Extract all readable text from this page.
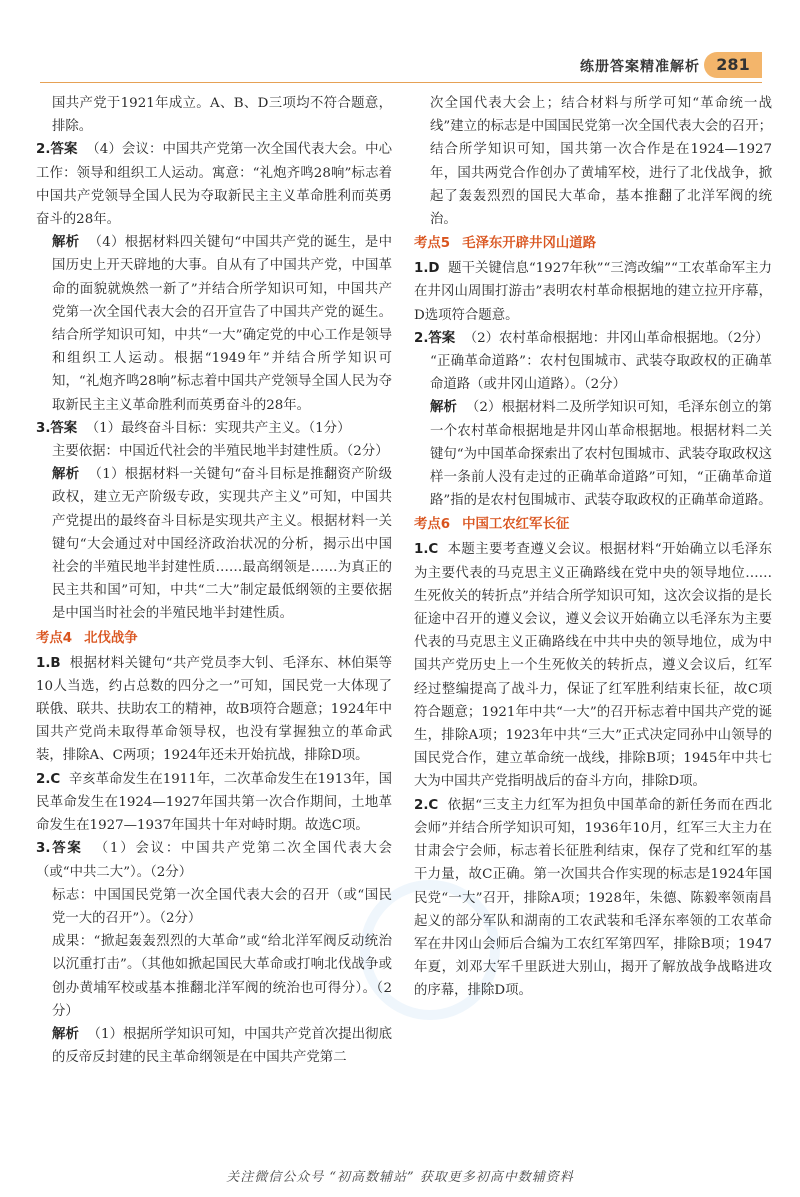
练册答案精准解析	281

国共产党于1921年成立。A、B、D三项均不符合题意，排除。

2.答案 （4）会议：中国共产党第一次全国代表大会。中心工作：领导和组织工人运动。寓意：“礼炮齐鸣28响”标志着中国共产党领导全国人民为夺取新民主主义革命胜利而英勇奋斗的28年。

解析 （4）根据材料四关键句“中国共产党的诞生，是中国历史上开天辟地的大事。自从有了中国共产党，中国革命的面貌就焕然一新了”并结合所学知识可知，中国共产党第一次全国代表大会的召开宣告了中国共产党的诞生。结合所学知识可知，中共“一大”确定党的中心工作是领导和组织工人运动。根据“1949年”并结合所学知识可知，“礼炮齐鸣28响”标志着中国共产党领导全国人民为夺取新民主主义革命胜利而英勇奋斗的28年。

3.答案 （1）最终奋斗目标：实现共产主义。（1分）

主要依据：中国近代社会的半殖民地半封建性质。（2分）

解析 （1）根据材料一关键句“奋斗目标是推翻资产阶级政权，建立无产阶级专政，实现共产主义”可知，中国共产党提出的最终奋斗目标是实现共产主义。根据材料一关键句“大会通过对中国经济政治状况的分析，揭示出中国社会的半殖民地半封建性质……最高纲领是……为真正的民主共和国”可知，中共“二大”制定最低纲领的主要依据是中国当时社会的半殖民地半封建性质。

考点4 北伐战争

1.B 根据材料关键句“共产党员李大钊、毛泽东、林伯渠等10人当选，约占总数的四分之一”可知，国民党一大体现了联俄、联共、扶助农工的精神，故B项符合题意；1924年中国共产党尚未取得革命领导权，也没有掌握独立的革命武装，排除A、C两项；1924年还未开始抗战，排除D项。

2.C 辛亥革命发生在1911年，二次革命发生在1913年，国民革命发生在1924—1927年国共第一次合作期间，土地革命发生在1927—1937年国共十年对峙时期。故选C项。

3.答案 （1）会议：中国共产党第二次全国代表大会（或“中共二大”）。（2分）

标志：中国国民党第一次全国代表大会的召开（或“国民党一大的召开”）。（2分）

成果：“掀起轰轰烈烈的大革命”或“给北洋军阀反动统治以沉重打击”。（其他如掀起国民大革命或打响北伐战争或创办黄埔军校或基本推翻北洋军阀的统治也可得分）。（2分）

解析 （1）根据所学知识可知，中国共产党首次提出彻底的反帝反封建的民主革命纲领是在中国共产党第二

次全国代表大会上；结合材料与所学可知“革命统一战线”建立的标志是中国国民党第一次全国代表大会的召开；结合所学知识可知，国共第一次合作是在1924—1927年，国共两党合作创办了黄埔军校，进行了北伐战争，掀起了轰轰烈烈的国民大革命，基本推翻了北洋军阀的统治。

考点5 毛泽东开辟井冈山道路

1.D 题干关键信息“1927年秋”“三湾改编”“工农革命军主力在井冈山周围打游击”表明农村革命根据地的建立拉开序幕，D选项符合题意。

2.答案 （2）农村革命根据地：井冈山革命根据地。（2分）

“正确革命道路”：农村包围城市、武装夺取政权的正确革命道路（或井冈山道路）。（2分）

解析 （2）根据材料二及所学知识可知，毛泽东创立的第一个农村革命根据地是井冈山革命根据地。根据材料二关键句“为中国革命探索出了农村包围城市、武装夺取政权这样一条前人没有走过的正确革命道路”可知，“正确革命道路”指的是农村包围城市、武装夺取政权的正确革命道路。

考点6 中国工农红军长征

1.C 本题主要考查遵义会议。根据材料“开始确立以毛泽东为主要代表的马克思主义正确路线在党中央的领导地位……生死攸关的转折点”并结合所学知识可知，这次会议指的是长征途中召开的遵义会议，遵义会议开始确立以毛泽东为主要代表的马克思主义正确路线在中共中央的领导地位，成为中国共产党历史上一个生死攸关的转折点，遵义会议后，红军经过整编提高了战斗力，保证了红军胜利结束长征，故C项符合题意；1921年中共“一大”的召开标志着中国共产党的诞生，排除A项；1923年中共“三大”正式决定同孙中山领导的国民党合作，建立革命统一战线，排除B项；1945年中共七大为中国共产党指明战后的奋斗方向，排除D项。

2.C 依据“三支主力红军为担负中国革命的新任务而在西北会师”并结合所学知识可知，1936年10月，红军三大主力在甘肃会宁会师，标志着长征胜利结束，保存了党和红军的基干力量，故C正确。第一次国共合作实现的标志是1924年国民党“一大”召开，排除A项；1928年，朱德、陈毅率领南昌起义的部分军队和湖南的工农武装和毛泽东率领的工农革命军在井冈山会师后合编为工农红军第四军，排除B项；1947年夏，刘邓大军千里跃进大别山，揭开了解放战争战略进攻的序幕，排除D项。

关注微信公众号 “初高数辅站” 获取更多初高中数辅资料
